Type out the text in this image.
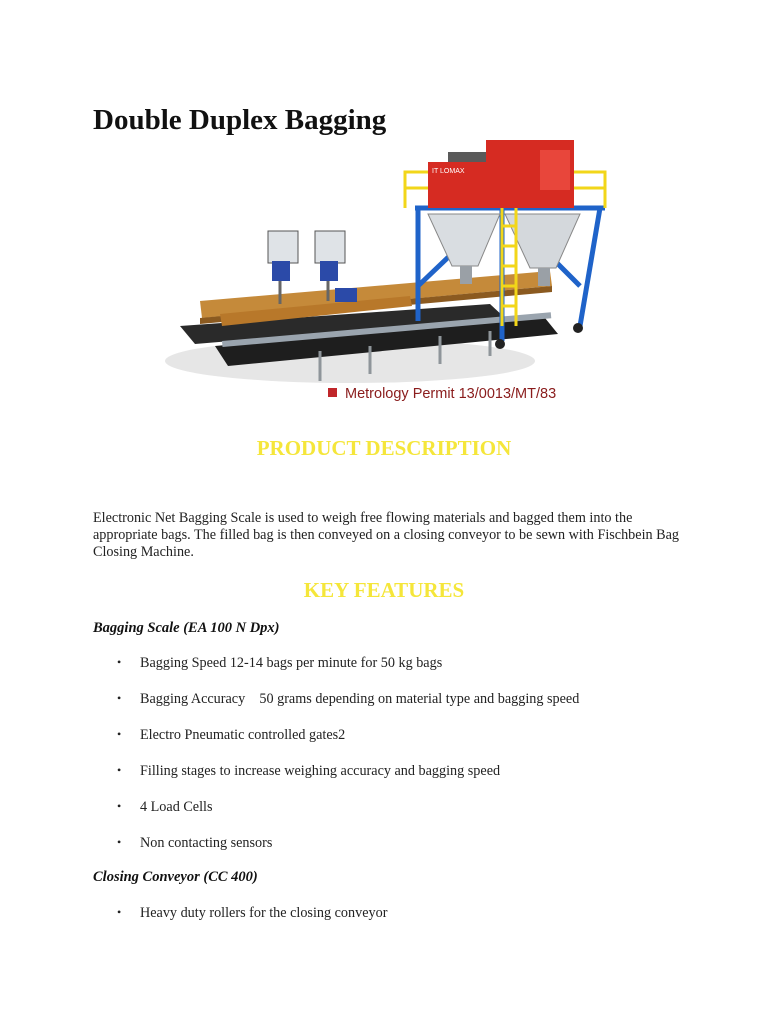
Double Duplex Bagging
IT LOMAX
Metrology Permit 13/0013/MT/83
PRODUCT DESCRIPTION

Electronic Net Bagging Scale is used to weigh free flowing materials and bagged them into the appropriate bags. The filled bag is then conveyed on a closing conveyor to be sewn with Fischbein Bag Closing Machine.

KEY FEATURES

Bagging Scale (EA 100 N Dpx)

• Bagging Speed 12-14 bags per minute for 50 kg bags
• Bagging Accuracy    50 grams depending on material type and bagging speed
• Electro Pneumatic controlled gates2
• Filling stages to increase weighing accuracy and bagging speed
• 4 Load Cells
• Non contacting sensors

Closing Conveyor (CC 400)

• Heavy duty rollers for the closing conveyor
